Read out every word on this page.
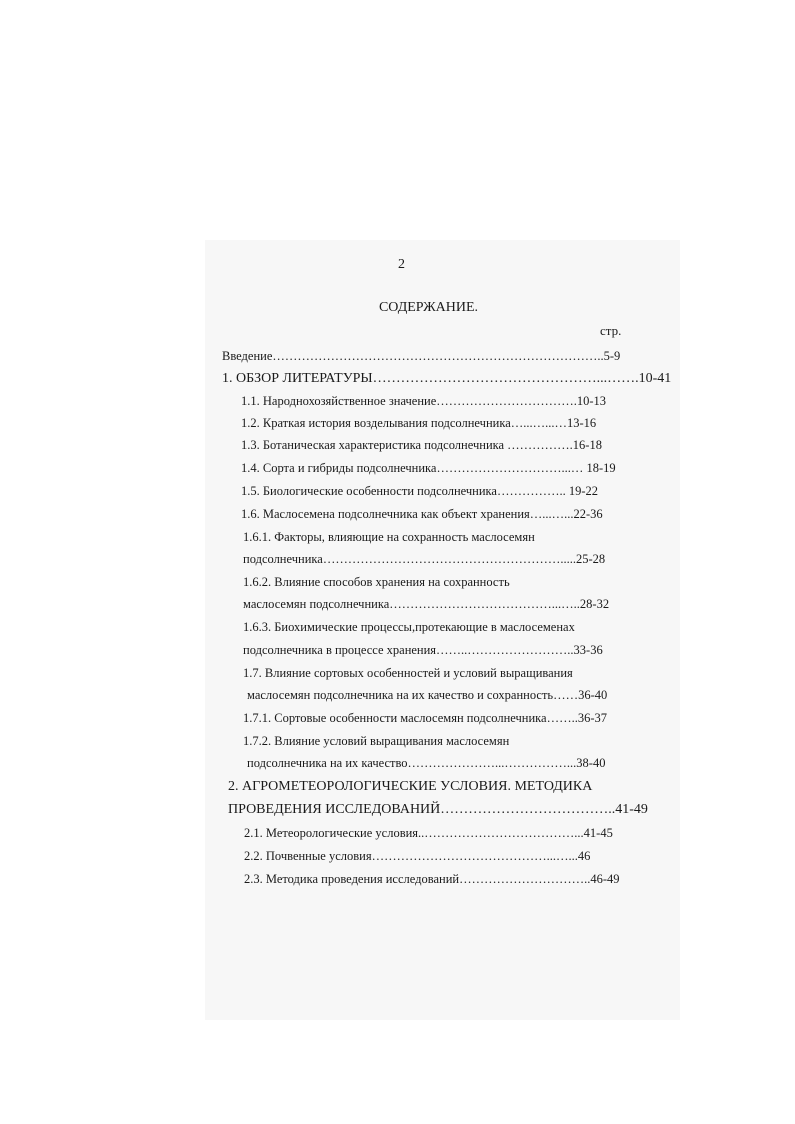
2
СОДЕРЖАНИЕ.
стр.
Введение……………………………………………………………………..5-9
1. ОБЗОР ЛИТЕРАТУРЫ…………………………………………...…….10-41
1.1. Народнохозяйственное значение…………………………….10-13
1.2. Краткая история возделывания подсолнечника…...…...…13-16
1.3. Ботаническая характеристика подсолнечника …………….16-18
1.4. Сорта и гибриды подсолнечника…………………………...… 18-19
1.5. Биологические особенности подсолнечника…………….. 19-22
1.6. Маслосемена подсолнечника как объект хранения…...…...22-36
1.6.1. Факторы, влияющие на сохранность маслосемян
подсолнечника………………………………………………….....25-28
1.6.2. Влияние способов хранения на сохранность
маслосемян подсолнечника…………………………………...…..28-32
1.6.3. Биохимические процессы,протекающие в маслосеменах
подсолнечника в процессе хранения……..……………………..33-36
1.7. Влияние сортовых особенностей и условий выращивания
маслосемян подсолнечника на их качество и сохранность……36-40
1.7.1. Сортовые особенности маслосемян подсолнечника……..36-37
1.7.2. Влияние условий выращивания маслосемян
подсолнечника на их качество…………………...……………...38-40
2. АГРОМЕТЕОРОЛОГИЧЕСКИЕ УСЛОВИЯ. МЕТОДИКА
ПРОВЕДЕНИЯ ИССЛЕДОВАНИЙ………………………………..41-49
2.1. Метеорологические условия..………………………………...41-45
2.2. Почвенные условия……………………………………...…...46
2.3. Методика проведения исследований…………………………..46-49
